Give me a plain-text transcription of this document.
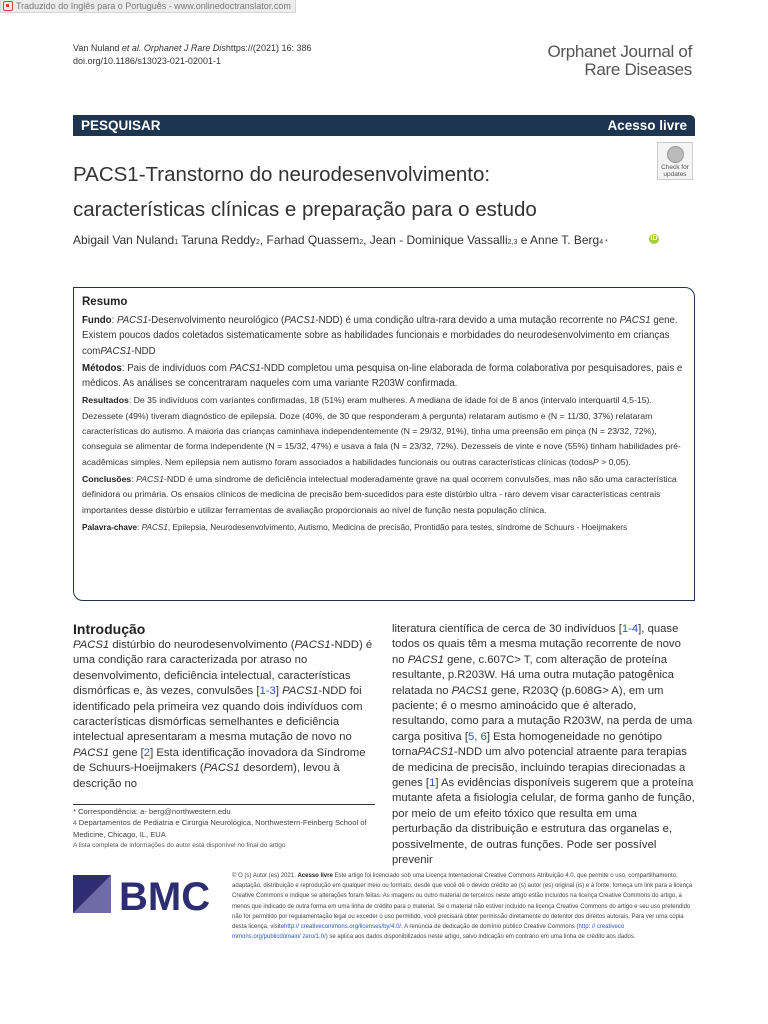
Traduzido do Inglês para o Português - www.onlinedoctranslator.com
Van Nuland et al. Orphanet J Rare Dishttps://(2021) 16: 386
doi.org/10.1186/s13023-021-02001-1	Orphanet Journal of
Rare Diseases
PESQUISAR	Acesso livre
PACS1-Transtorno do neurodesenvolvimento:
características clínicas e preparação para o estudo
Check for
updates
Abigail Van Nuland1 Taruna Reddy2, Farhad Quassem2, Jean - Dominique Vassalli2,3 e Anne T. Berg4 *
iD
Resumo

Fundo: PACS1-Desenvolvimento neurológico (PACS1-NDD) é uma condição ultra-rara devido a uma mutação recorrente no PACS1 gene. Existem poucos dados coletados sistematicamente sobre as habilidades funcionais e morbidades do neurodesenvolvimento em crianças comPACS1-NDD

Métodos: Pais de indivíduos com PACS1-NDD completou uma pesquisa on-line elaborada de forma colaborativa por pesquisadores, pais e médicos. As análises se concentraram naqueles com uma variante R203W confirmada.

Resultados: De 35 indivíduos com variantes confirmadas, 18 (51%) eram mulheres. A mediana de idade foi de 8 anos (intervalo interquartil 4,5-15). Dezessete (49%) tiveram diagnóstico de epilepsia. Doze (40%, de 30 que responderam à pergunta) relataram autismo e (N = 11/30, 37%) relataram características do autismo. A maioria das crianças caminhava independentemente (N = 29/32, 91%), tinha uma preensão em pinça (N = 23/32, 72%), conseguia se alimentar de forma independente (N = 15/32, 47%) e usava a fala (N = 23/32, 72%). Dezesseis de vinte e nove (55%) tinham habilidades pré-acadêmicas simples. Nem epilepsia nem autismo foram associados a habilidades funcionais ou outras características clínicas (todosP > 0,05).

Conclusões: PACS1-NDD é uma síndrome de deficiência intelectual moderadamente grave na qual ocorrem convulsões, mas não são uma característica definidora ou primária. Os ensaios clínicos de medicina de precisão bem-sucedidos para este distúrbio ultra - raro devem visar características centrais importantes desse distúrbio e utilizar ferramentas de avaliação proporcionais ao nível de função nesta população clínica.

Palavra-chave: PACS1, Epilepsia, Neurodesenvolvimento, Autismo, Medicina de precisão, Prontidão para testes, síndrome de Schuurs - Hoeijmakers

Introdução
PACS1 distúrbio do neurodesenvolvimento (PACS1-NDD) é uma condição rara caracterizada por atraso no desenvolvimento, deficiência intelectual, características dismórficas e, às vezes, convulsões [1-3] PACS1-NDD foi identificado pela primeira vez quando dois indivíduos com características dismórficas semelhantes e deficiência intelectual apresentaram a mesma mutação de novo no PACS1 gene [2] Esta identificação inovadora da Síndrome de Schuurs-Hoeijmakers (PACS1 desordem), levou à descrição no
literatura científica de cerca de 30 indivíduos [1-4], quase todos os quais têm a mesma mutação recorrente de novo no PACS1 gene, c.607C> T, com alteração de proteína resultante, p.R203W. Há uma outra mutação patogênica relatada no PACS1 gene, R203Q (p.608G> A), em um paciente; é o mesmo aminoácido que é alterado, resultando, como para a mutação R203W, na perda de uma carga positiva [5, 6] Esta homogeneidade no genótipo tornaPACS1-NDD um alvo potencial atraente para terapias de medicina de precisão, incluindo terapias direcionadas a genes [1] As evidências disponíveis sugerem que a proteína mutante afeta a fisiologia celular, de forma ganho de função, por meio de um efeito tóxico que resulta em uma perturbação da distribuição e estrutura das organelas e, possivelmente, de outras funções. Pode ser possível prevenir
* Correspondência: a- berg@northwestern.edu
4 Departamentos de Pediatria e Cirurgia Neurológica, Northwestern-Feinberg School of Medicine, Chicago, IL, EUA
A lista completa de informações do autor está disponível no final do artigo
BMC	© O (s) Autor (es) 2021. Acesso livre Este artigo foi licenciado sob uma Licença Internacional Creative Commons Atribuição 4.0, que permite o uso, compartilhamento, adaptação, distribuição e reprodução em qualquer meio ou formato, desde que você dê o devido crédito ao (s) autor (es) original (is) e à fonte, forneça um link para a licença Creative Commons e indique se alterações foram feitas. As imagens ou outro material de terceiros neste artigo estão incluídos na licença Creative Commons do artigo, a menos que indicado de outra forma em uma linha de crédito para o material. Se o material não estiver incluído na licença Creative Commons do artigo e seu uso pretendido não for permitido por regulamentação legal ou exceder o uso permitido, você precisará obter permissão diretamente do detentor dos direitos autorais. Para ver uma cópia desta licença, visitehttp:// creativecommons.org/licenses/by/4.0/. A renúncia de dedicação de domínio público Creative Commons (http: // creativeco mmons.org/publicdomain/ zero/1.0/) se aplica aos dados disponibilizados neste artigo, salvo indicação em contrário em uma linha de crédito aos dados.
